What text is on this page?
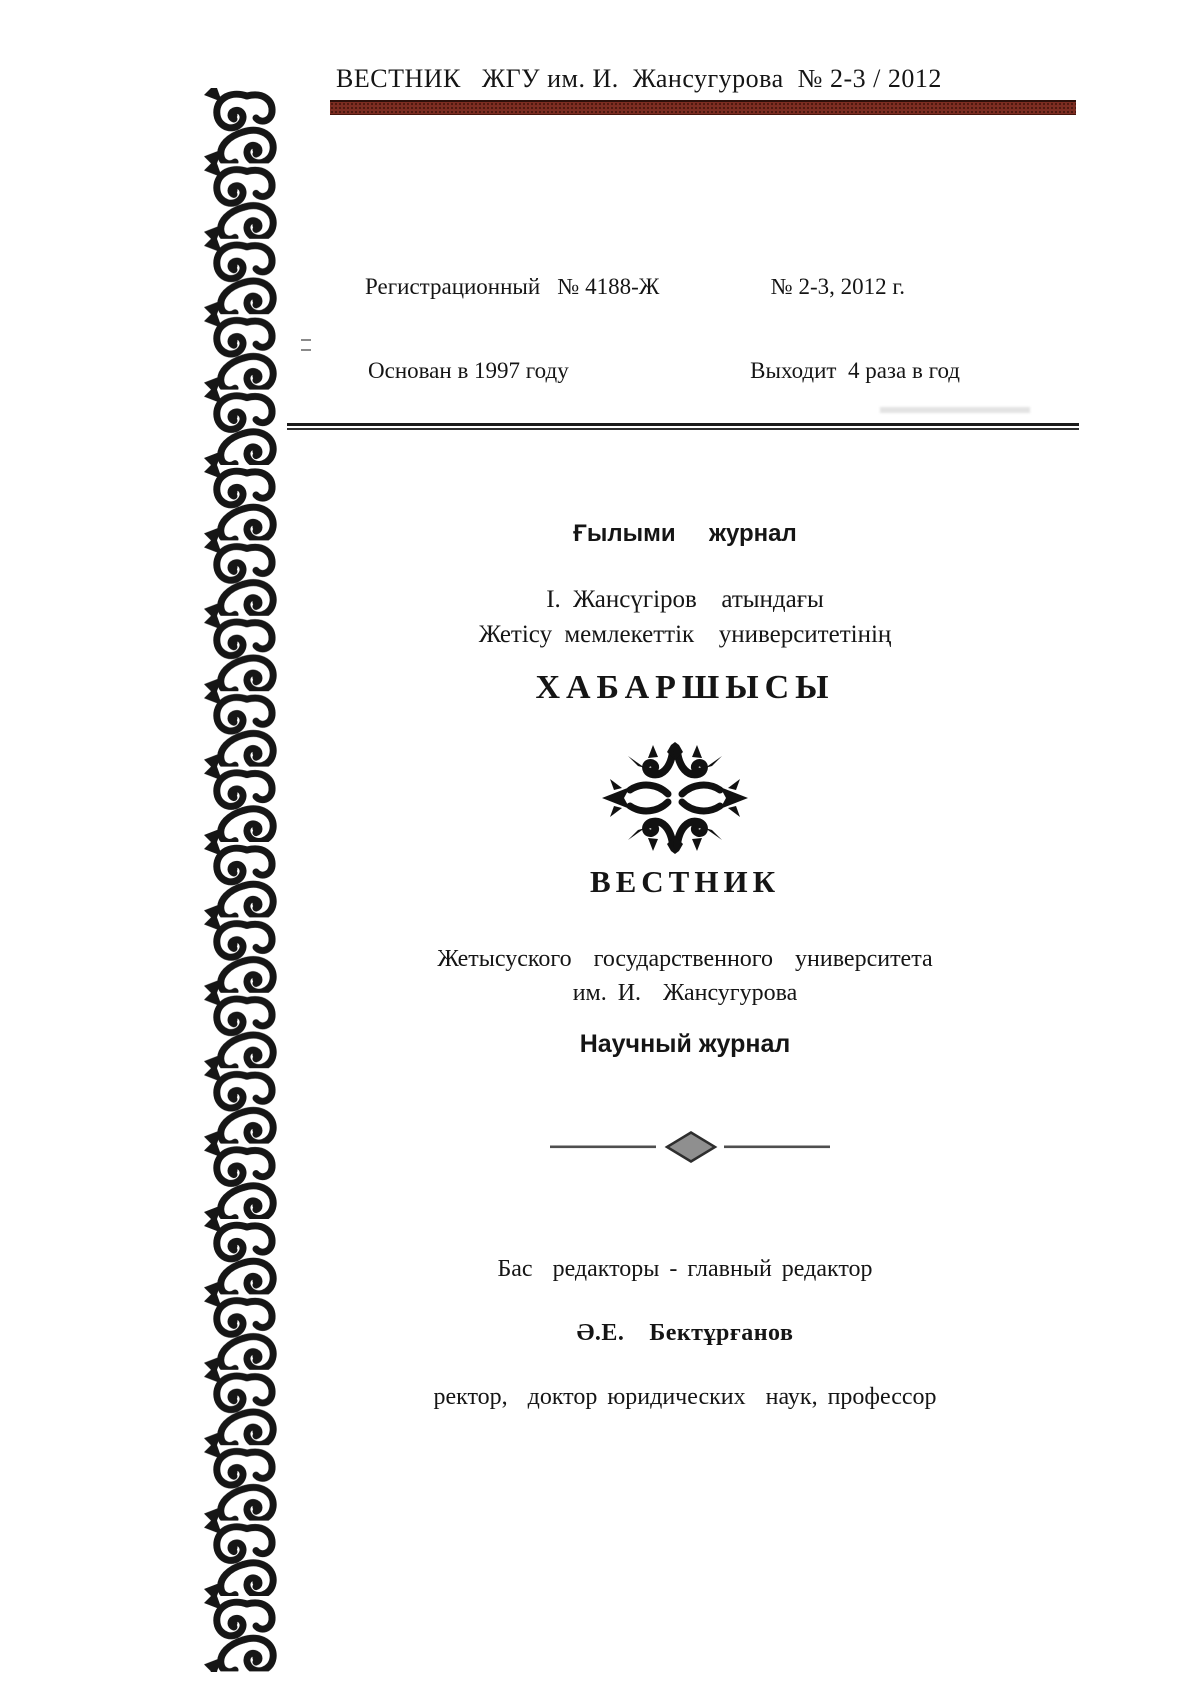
ВЕСТНИК   ЖГУ им. И.  Жансугурова  № 2-3 / 2012
Регистрационный   № 4188-Ж	№ 2-3, 2012 г.
Основан в 1997 году	Выходит  4 раза в год
Ғылыми  журнал
І. Жансүгіров  атындағы
Жетісу мемлекеттік  университетінің
ХАБАРШЫСЫ
ВЕСТНИК
Жетысуского  государственного  университета
им. И.  Жансугурова
Научный журнал
Бас  редакторы - главный редактор
Ә.Е.  Бектұрғанов
ректор,  доктор юридических  наук, профессор
